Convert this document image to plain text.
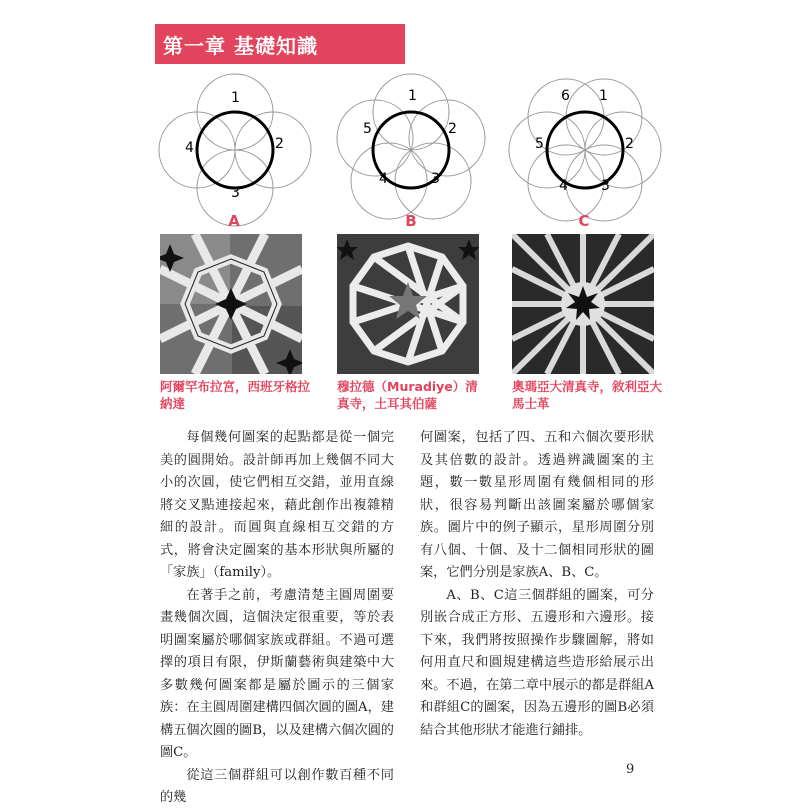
第一章 基礎知識
1
2
3
4
A
1
2
3
4
5
B
1
2
3
4
5
6
C
阿爾罕布拉宮，西班牙格拉納達
穆拉德（Muradiye）清真寺，土耳其伯薩
奧瑪亞大清真寺，敘利亞大馬士革

每個幾何圖案的起點都是從一個完美的圓開始。設計師再加上幾個不同大小的次圓，使它們相互交錯，並用直線將交叉點連接起來，藉此創作出複雜精細的設計。而圓與直線相互交錯的方式，將會決定圖案的基本形狀與所屬的「家族」（family）。

在著手之前，考慮清楚主圓周圍要畫幾個次圓，這個決定很重要，等於表明圖案屬於哪個家族或群組。不過可選擇的項目有限，伊斯蘭藝術與建築中大多數幾何圖案都是屬於圖示的三個家族：在主圓周圍建構四個次圓的圖A，建構五個次圓的圖B，以及建構六個次圓的圖C。

從這三個群組可以創作數百種不同的幾

何圖案，包括了四、五和六個次要形狀及其倍數的設計。透過辨識圖案的主題，數一數星形周圍有幾個相同的形狀，很容易判斷出該圖案屬於哪個家族。圖片中的例子顯示，星形周圍分別有八個、十個、及十二個相同形狀的圖案，它們分別是家族A、B、C。

A、B、C這三個群組的圖案，可分別嵌合成正方形、五邊形和六邊形。接下來，我們將按照操作步驟圖解，將如何用直尺和圓規建構這些造形給展示出來。不過，在第二章中展示的都是群組A和群組C的圖案，因為五邊形的圖B必須結合其他形狀才能進行鋪排。

9
